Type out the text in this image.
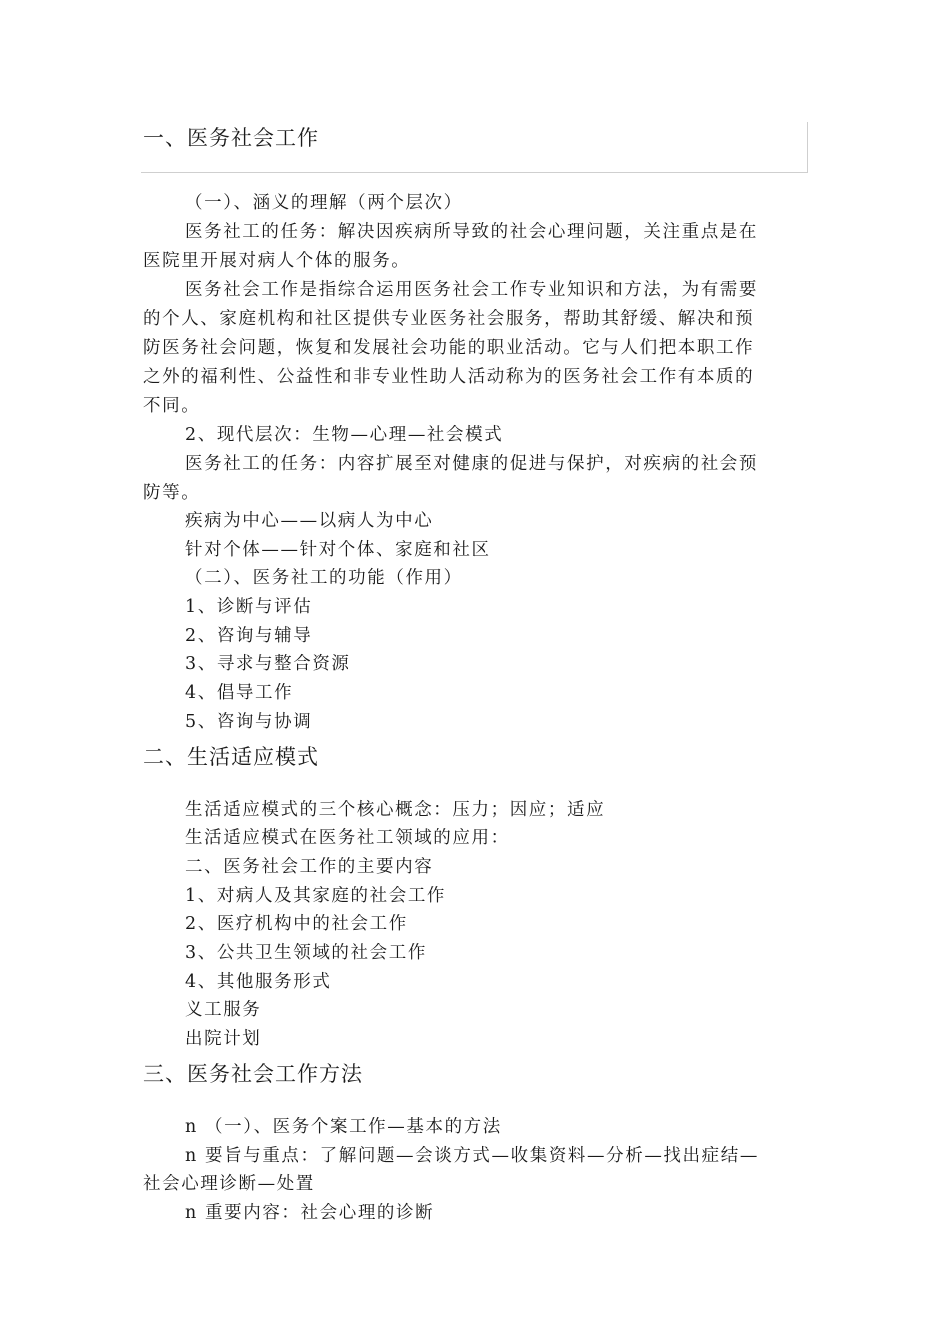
一、医务社会工作
（一）、涵义的理解（两个层次）
医务社工的任务：解决因疾病所导致的社会心理问题，关注重点是在
医院里开展对病人个体的服务。
医务社会工作是指综合运用医务社会工作专业知识和方法，为有需要
的个人、家庭机构和社区提供专业医务社会服务，帮助其舒缓、解决和预
防医务社会问题，恢复和发展社会功能的职业活动。它与人们把本职工作
之外的福利性、公益性和非专业性助人活动称为的医务社会工作有本质的
不同。
2、现代层次：生物—心理—社会模式
医务社工的任务：内容扩展至对健康的促进与保护，对疾病的社会预
防等。
疾病为中心——以病人为中心
针对个体——针对个体、家庭和社区
（二）、医务社工的功能（作用）
1、诊断与评估
2、咨询与辅导
3、寻求与整合资源
4、倡导工作
5、咨询与协调
二、生活适应模式
生活适应模式的三个核心概念：压力；因应；适应
生活适应模式在医务社工领域的应用：
二、医务社会工作的主要内容
1、对病人及其家庭的社会工作
2、医疗机构中的社会工作
3、公共卫生领域的社会工作
4、其他服务形式
义工服务
出院计划
三、医务社会工作方法
n （一）、医务个案工作—基本的方法
n 要旨与重点：了解问题—会谈方式—收集资料—分析—找出症结—
社会心理诊断—处置
n 重要内容：社会心理的诊断
